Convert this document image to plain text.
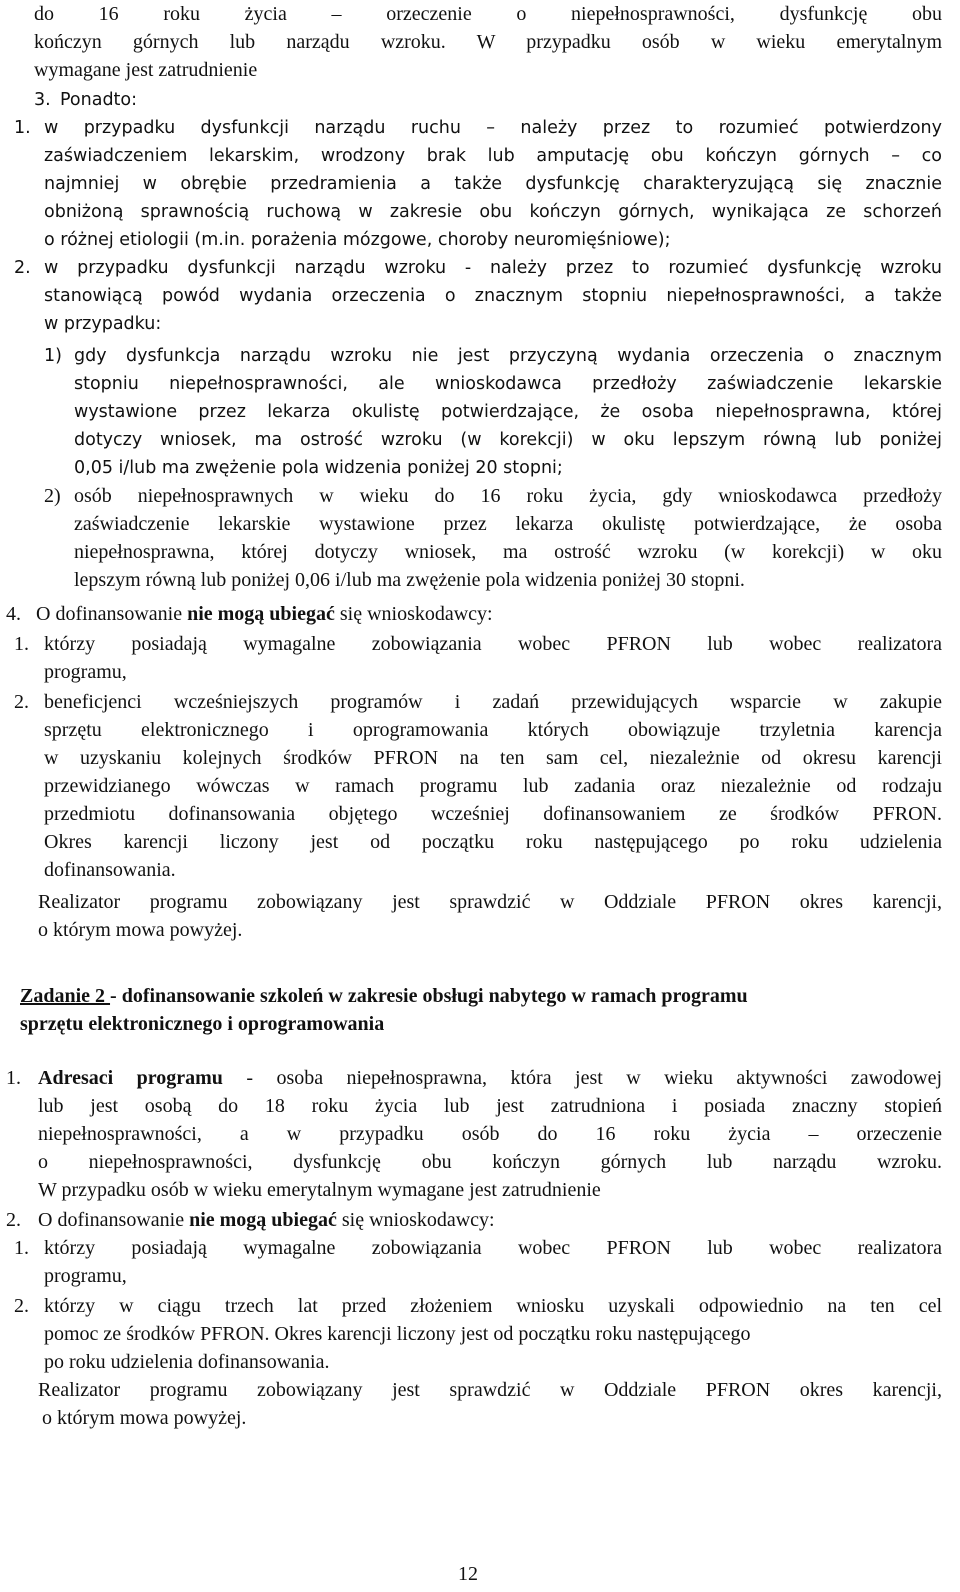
do 16 roku życia – orzeczenie o niepełnosprawności, dysfunkcję obu
kończyn górnych lub narządu wzroku. W przypadku osób w wieku emerytalnym
wymagane jest zatrudnienie
3. Ponadto:
1. w przypadku dysfunkcji narządu ruchu – należy przez to rozumieć potwierdzony
zaświadczeniem lekarskim, wrodzony brak lub amputację obu kończyn górnych – co
najmniej w obrębie przedramienia a także dysfunkcję charakteryzującą się znacznie
obniżoną sprawnością ruchową w zakresie obu kończyn górnych, wynikająca ze schorzeń
o różnej etiologii (m.in. porażenia mózgowe, choroby neuromięśniowe);
2. w przypadku dysfunkcji narządu wzroku - należy przez to rozumieć dysfunkcję wzroku
stanowiącą powód wydania orzeczenia o znacznym stopniu niepełnosprawności, a także
w przypadku:
1) gdy dysfunkcja narządu wzroku nie jest przyczyną wydania orzeczenia o znacznym
stopniu niepełnosprawności, ale wnioskodawca przedłoży zaświadczenie lekarskie
wystawione przez lekarza okulistę potwierdzające, że osoba niepełnosprawna, której
dotyczy wniosek, ma ostrość wzroku (w korekcji) w oku lepszym równą lub poniżej
0,05 i/lub ma zwężenie pola widzenia poniżej 20 stopni;
2) osób niepełnosprawnych w wieku do 16 roku życia, gdy wnioskodawca przedłoży
zaświadczenie lekarskie wystawione przez lekarza okulistę potwierdzające, że osoba
niepełnosprawna, której dotyczy wniosek, ma ostrość wzroku (w korekcji) w oku
lepszym równą lub poniżej 0,06 i/lub ma zwężenie pola widzenia poniżej 30 stopni.
4. O dofinansowanie nie mogą ubiegać się wnioskodawcy:
1. którzy posiadają wymagalne zobowiązania wobec PFRON lub wobec realizatora
programu,
2. beneficjenci wcześniejszych programów i zadań przewidujących wsparcie w zakupie
sprzętu elektronicznego i oprogramowania których obowiązuje trzyletnia karencja
w uzyskaniu kolejnych środków PFRON na ten sam cel, niezależnie od okresu karencji
przewidzianego wówczas w ramach programu lub zadania oraz niezależnie od rodzaju
przedmiotu dofinansowania objętego wcześniej dofinansowaniem ze środków PFRON.
Okres karencji liczony jest od początku roku następującego po roku udzielenia
dofinansowania.
Realizator programu zobowiązany jest sprawdzić w Oddziale PFRON okres karencji,
o którym mowa powyżej.
Zadanie 2 - dofinansowanie szkoleń w zakresie obsługi nabytego w ramach programu
sprzętu elektronicznego i oprogramowania
1. Adresaci programu - osoba niepełnosprawna, która jest w wieku aktywności zawodowej
lub jest osobą do 18 roku życia lub jest zatrudniona i posiada znaczny stopień
niepełnosprawności, a w przypadku osób do 16 roku życia – orzeczenie
o niepełnosprawności, dysfunkcję obu kończyn górnych lub narządu wzroku.
W przypadku osób w wieku emerytalnym wymagane jest zatrudnienie
2. O dofinansowanie nie mogą ubiegać się wnioskodawcy:
1. którzy posiadają wymagalne zobowiązania wobec PFRON lub wobec realizatora
programu,
2. którzy w ciągu trzech lat przed złożeniem wniosku uzyskali odpowiednio na ten cel
pomoc ze środków PFRON. Okres karencji liczony jest od początku roku następującego
po roku udzielenia dofinansowania.
Realizator programu zobowiązany jest sprawdzić w Oddziale PFRON okres karencji,
o którym mowa powyżej.
12
